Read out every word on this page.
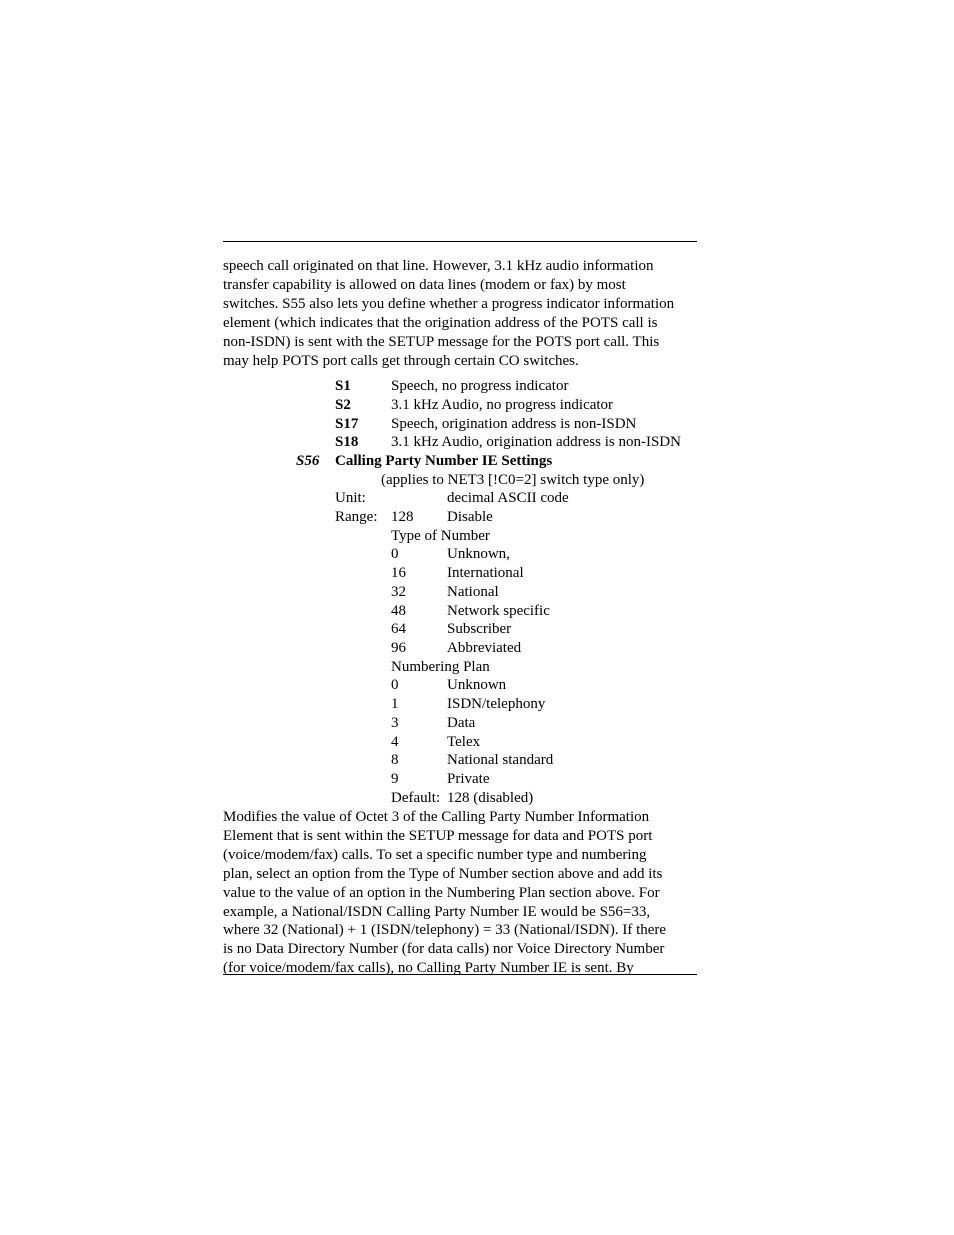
speech call originated on that line. However, 3.1 kHz audio information
transfer capability is allowed on data lines (modem or fax) by most
switches. S55 also lets you define whether a progress indicator information
element (which indicates that the origination address of the POTS call is
non-ISDN) is sent with the SETUP message for the POTS port call. This
may help POTS port calls get through certain CO switches.
S1	Speech, no progress indicator
S2	3.1 kHz Audio, no progress indicator
S17 Speech, origination address is non-ISDN
S18 3.1 kHz Audio, origination address is non-ISDN
S56 Calling Party Number IE Settings
(applies to NET3 [!C0=2] switch type only)
Unit:	decimal ASCII code
Range: 128 Disable
Type of Number
0	Unknown,
16	International
32	National
48	Network specific
64	Subscriber
96	Abbreviated
Numbering Plan
0	Unknown
1	ISDN/telephony
3	Data
4	Telex
8	National standard
9	Private
Default: 128 (disabled)
Modifies the value of Octet 3 of the Calling Party Number Information
Element that is sent within the SETUP message for data and POTS port
(voice/modem/fax) calls. To set a specific number type and numbering
plan, select an option from the Type of Number section above and add its
value to the value of an option in the Numbering Plan section above. For
example, a National/ISDN Calling Party Number IE would be S56=33,
where 32 (National) + 1 (ISDN/telephony) = 33 (National/ISDN). If there
is no Data Directory Number (for data calls) nor Voice Directory Number
(for voice/modem/fax calls), no Calling Party Number IE is sent. By
